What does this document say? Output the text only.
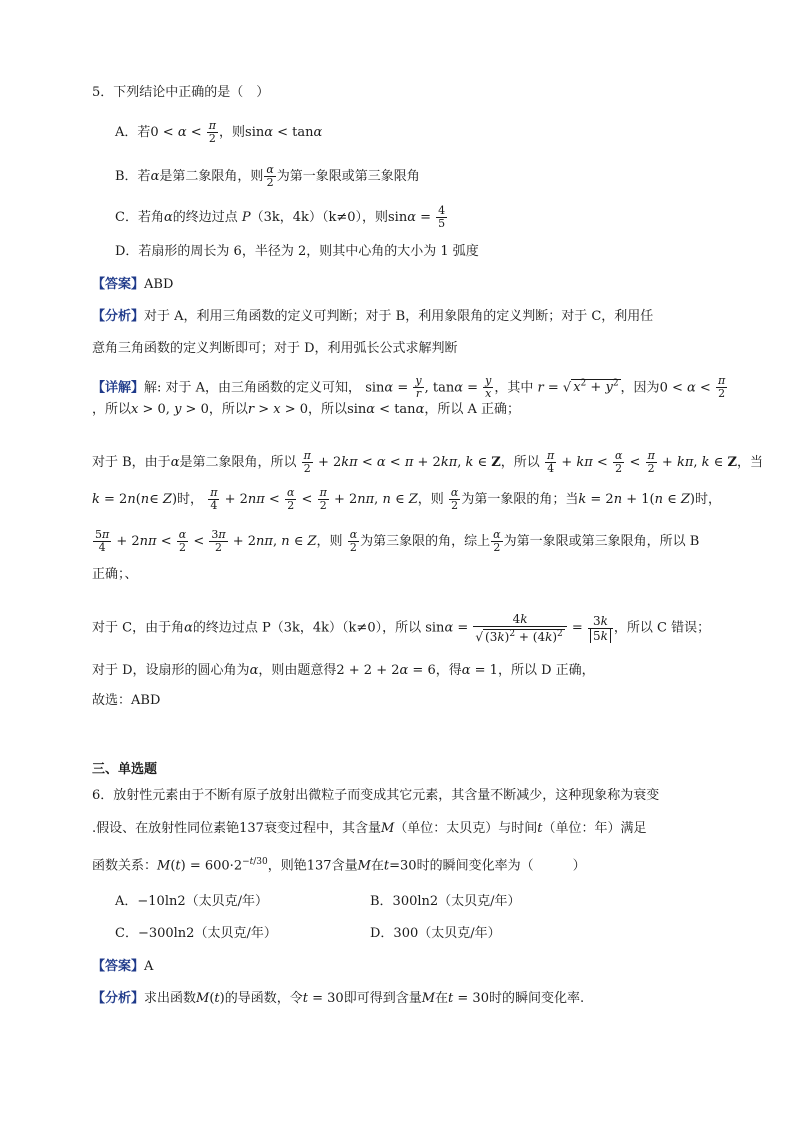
5．下列结论中正确的是（　）
A．若$0 < \alpha < \frac{\pi}{2}$ ，则sinα < tanα
B．若α是第二象限角，则 $\frac{\alpha}{2}$ 为第一象限或第三象限角
C．若角α的终边过点 P（3k，4k）（k≠0），则$\sin\alpha = \frac{4}{5}$
D．若扇形的周长为 6，半径为 2，则其中心角的大小为 1 弧度
【答案】ABD
【分析】对于 A，利用三角函数的定义可判断；对于 B，利用象限角的定义判断；对于 C，利用任
意角三角函数的定义判断即可；对于 D，利用弧长公式求解判断
【详解】解: 对于 A，由三角函数的定义可知， $\sin\alpha = \frac{y}{r}$ , $\tan\alpha = \frac{y}{x}$ ，其中 r = √ $x^2 + y^2$ ，因为$0 < \alpha < \frac{\pi}{2}$
，所以x > 0, y > 0，所以r > x > 0，所以sinα < tanα，所以 A 正确；
对于 B，由于α是第二象限角，所以 $\frac{\pi}{2} + 2k\pi < \alpha < \pi + 2k\pi$, k ∈ Z，所以 $\frac{\pi}{4} + k\pi < \frac{\alpha}{2} < \frac{\pi}{2} + k\pi$, k ∈ Z，当
k = 2n(n∈ Z)时， $\frac{\pi}{4} + 2n\pi < \frac{\alpha}{2} < \frac{\pi}{2} + 2n\pi$, n ∈ Z，则 $\frac{\alpha}{2}$ 为第一象限的角；当k = 2n + 1(n ∈ Z)时，
$\frac{5\pi}{4} + 2n\pi < \frac{\alpha}{2} < \frac{3\pi}{2} + 2n\pi$, n ∈ Z，则 $\frac{\alpha}{2}$ 为第三象限的角，综上 $\frac{\alpha}{2}$ 为第一象限或第三象限角，所以 B
正确；、
对于 C，由于角α的终边过点 P（3k，4k）（k≠0），所以 $\sin\alpha = \frac{4k}{√ (3k)^2 + (4k)^2} = \frac{3k}{5k}$ ，所以 C 错误；
对于 D，设扇形的圆心角为α，则由题意得2 + 2 + 2α = 6，得α = 1，所以 D 正确，
故选：ABD
三、单选题
6．放射性元素由于不断有原子放射出微粒子而变成其它元素，其含量不断减少，这种现象称为衰变
.假设、在放射性同位素铯137衰变过程中，其含量M（单位：太贝克）与时间t（单位：年）满足
函数关系：$M(t) = 600\cdot 2^{-t/30}$，则铯137含量M在t=30时的瞬间变化率为（　　　）
A．−10ln2（太贝克/年）	B．300ln2（太贝克/年）
C．−300ln2（太贝克/年）	D．300（太贝克/年）
【答案】A
【分析】求出函数M(t)的导函数，令t = 30即可得到含量M在t = 30时的瞬间变化率.
